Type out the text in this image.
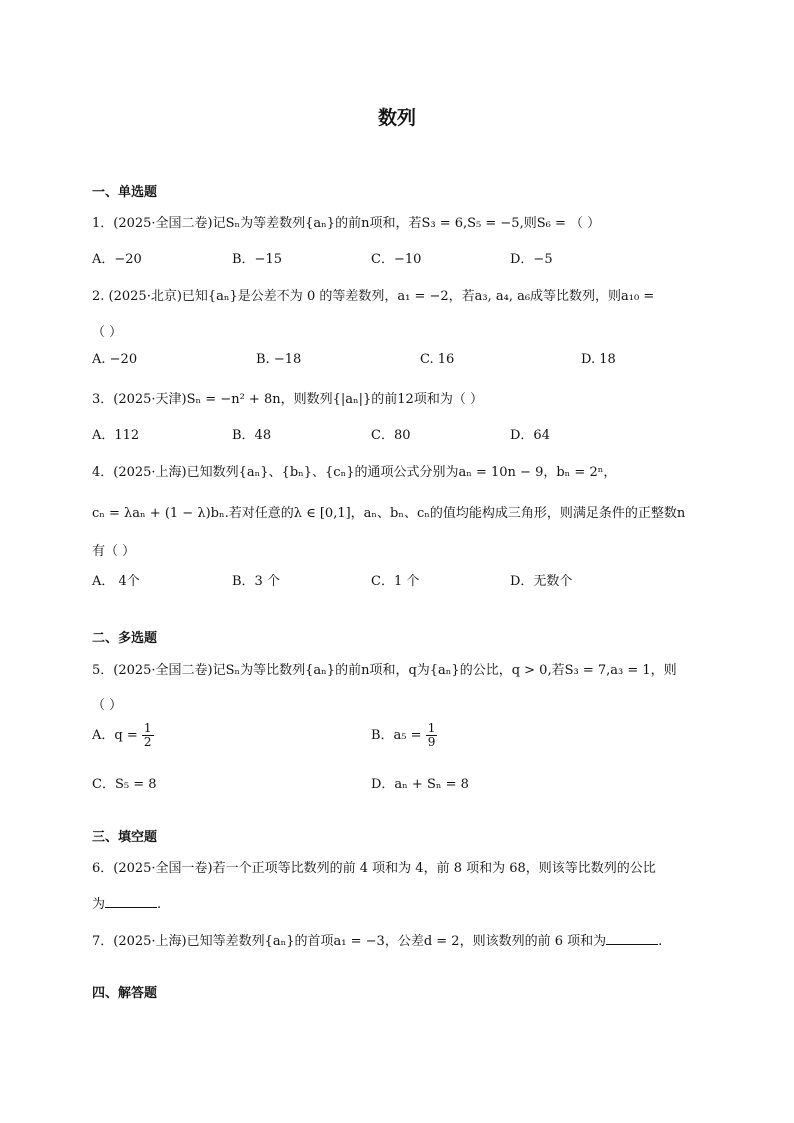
数列
一、单选题
1．(2025·全国二卷)记Sₙ为等差数列{aₙ}的前n项和，若S₃ = 6,S₅ = −5,则S₆ = （ ）
A．−20	B．−15	C．−10	D．−5
2. (2025·北京)已知{aₙ}是公差不为 0 的等差数列，a₁ = −2，若a₃, a₄, a₆成等比数列，则a₁₀ =
（ ）
A. −20	B. −18	C. 16	D. 18
3．(2025·天津)Sₙ = −n² + 8n，则数列{|aₙ|}的前12项和为（ ）
A．112	B．48	C．80	D．64
4．(2025·上海)已知数列{aₙ}、{bₙ}、{cₙ}的通项公式分别为aₙ = 10n − 9，bₙ = 2ⁿ，
cₙ = λaₙ + (1 − λ)bₙ.若对任意的λ ∈ [0,1]，aₙ、bₙ、cₙ的值均能构成三角形，则满足条件的正整数n
有（ ）
A． 4个	B．3 个	C．1 个	D．无数个
二、多选题
5．(2025·全国二卷)记Sₙ为等比数列{aₙ}的前n项和，q为{aₙ}的公比，q > 0,若S₃ = 7,a₃ = 1，则
（ ）
A．$q = \frac{1}{2}$	B．$a_5 = \frac{1}{9}$
C．S₅ = 8	D．aₙ + Sₙ = 8
三、填空题
6．(2025·全国一卷)若一个正项等比数列的前 4 项和为 4，前 8 项和为 68，则该等比数列的公比
为	.
7．(2025·上海)已知等差数列{aₙ}的首项a₁ = −3，公差d = 2，则该数列的前 6 项和为	.
四、解答题
